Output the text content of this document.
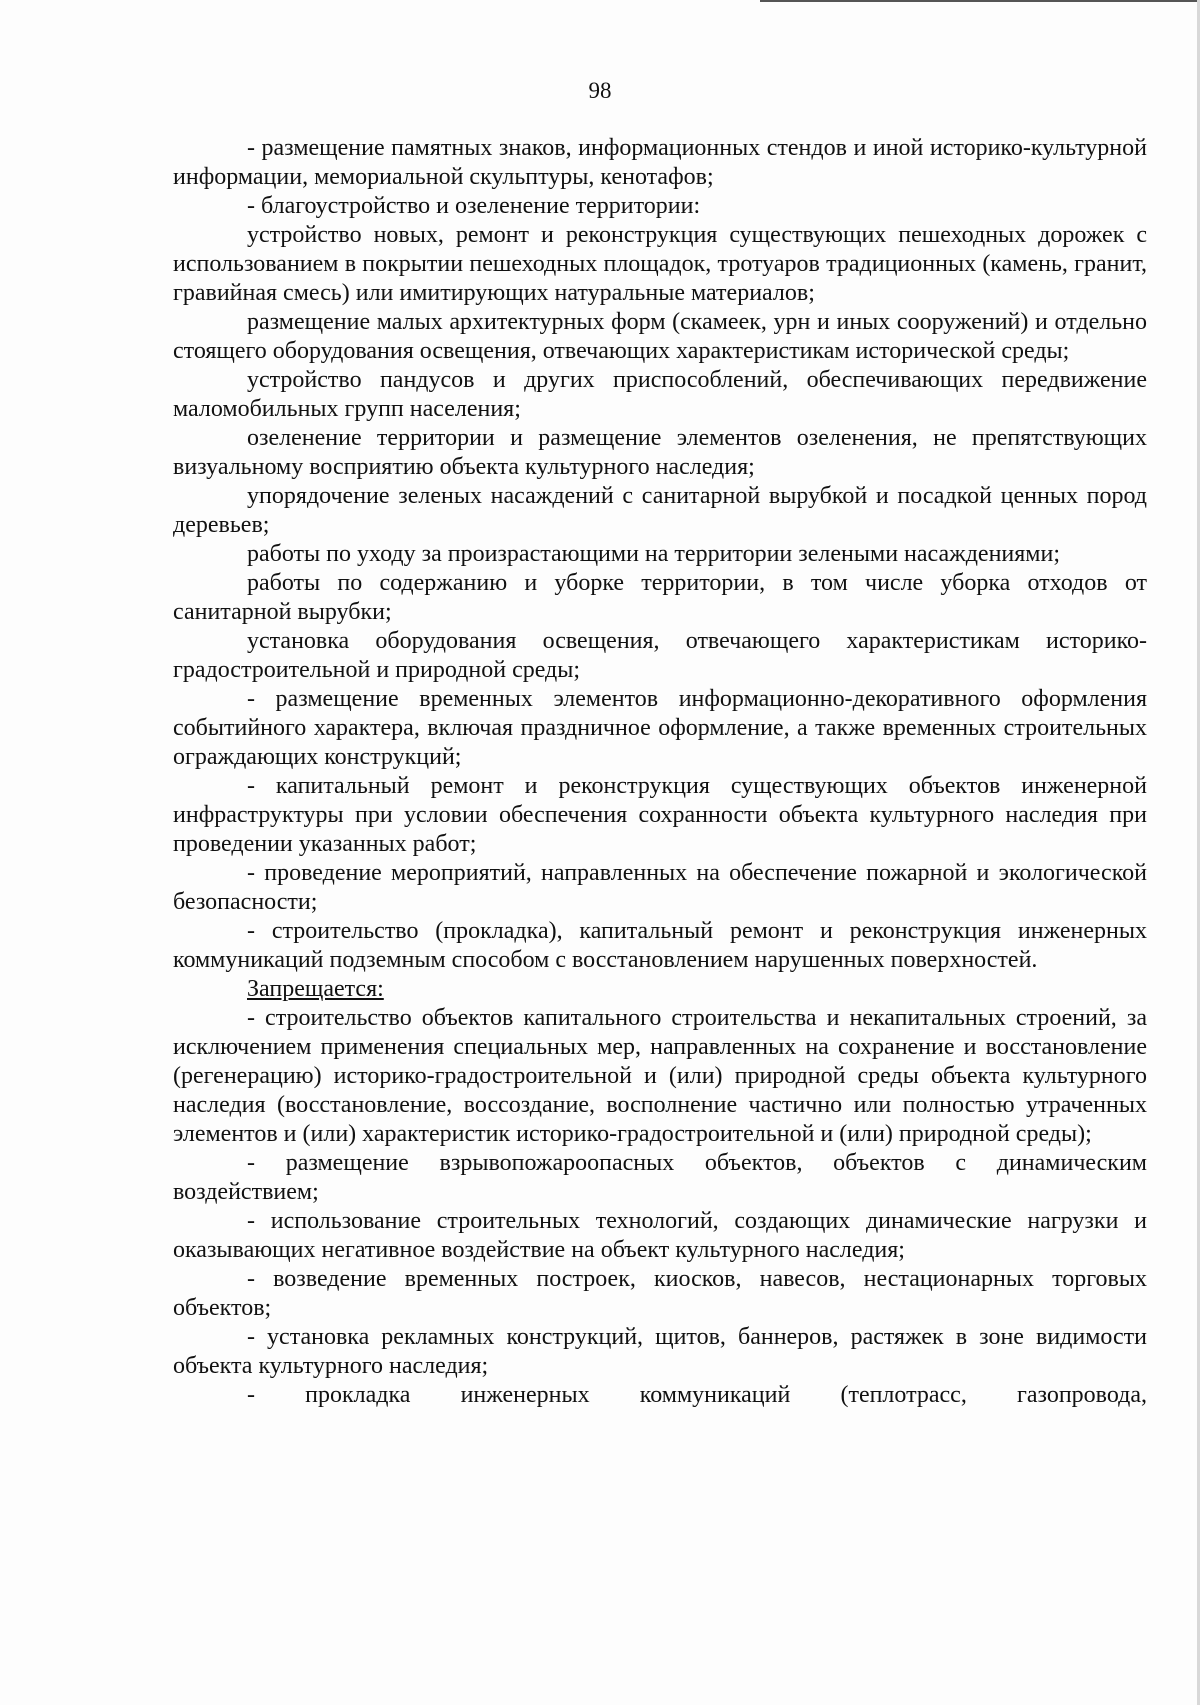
98

- размещение памятных знаков, информационных стендов и иной историко-культурной информации, мемориальной скульптуры, кенотафов;

- благоустройство и озеленение территории:

устройство новых, ремонт и реконструкция существующих пешеходных дорожек с использованием в покрытии пешеходных площадок, тротуаров традиционных (камень, гранит, гравийная смесь) или имитирующих натуральные материалов;

размещение малых архитектурных форм (скамеек, урн и иных сооружений) и отдельно стоящего оборудования освещения, отвечающих характеристикам исторической среды;

устройство пандусов и других приспособлений, обеспечивающих передвижение маломобильных групп населения;

озеленение территории и размещение элементов озеленения, не препятствующих визуальному восприятию объекта культурного наследия;

упорядочение зеленых насаждений с санитарной вырубкой и посадкой ценных пород деревьев;

работы по уходу за произрастающими на территории зелеными насаждениями;

работы по содержанию и уборке территории, в том числе уборка отходов от санитарной вырубки;

установка оборудования освещения, отвечающего характеристикам историко-градостроительной и природной среды;

- размещение временных элементов информационно-декоративного оформления событийного характера, включая праздничное оформление, а также временных строительных ограждающих конструкций;

- капитальный ремонт и реконструкция существующих объектов инженерной инфраструктуры при условии обеспечения сохранности объекта культурного наследия при проведении указанных работ;

- проведение мероприятий, направленных на обеспечение пожарной и экологической безопасности;

- строительство (прокладка), капитальный ремонт и реконструкция инженерных коммуникаций подземным способом с восстановлением нарушенных поверхностей.

Запрещается:

- строительство объектов капитального строительства и некапитальных строений, за исключением применения специальных мер, направленных на сохранение и восстановление (регенерацию) историко-градостроительной и (или) природной среды объекта культурного наследия (восстановление, воссоздание, восполнение частично или полностью утраченных элементов и (или) характеристик историко-градостроительной и (или) природной среды);

- размещение взрывопожароопасных объектов, объектов с динамическим воздействием;

- использование строительных технологий, создающих динамические нагрузки и оказывающих негативное воздействие на объект культурного наследия;

- возведение временных построек, киосков, навесов, нестационарных торговых объектов;

- установка рекламных конструкций, щитов, баннеров, растяжек в зоне видимости объекта культурного наследия;

- прокладка инженерных коммуникаций (теплотрасс, газопровода,
